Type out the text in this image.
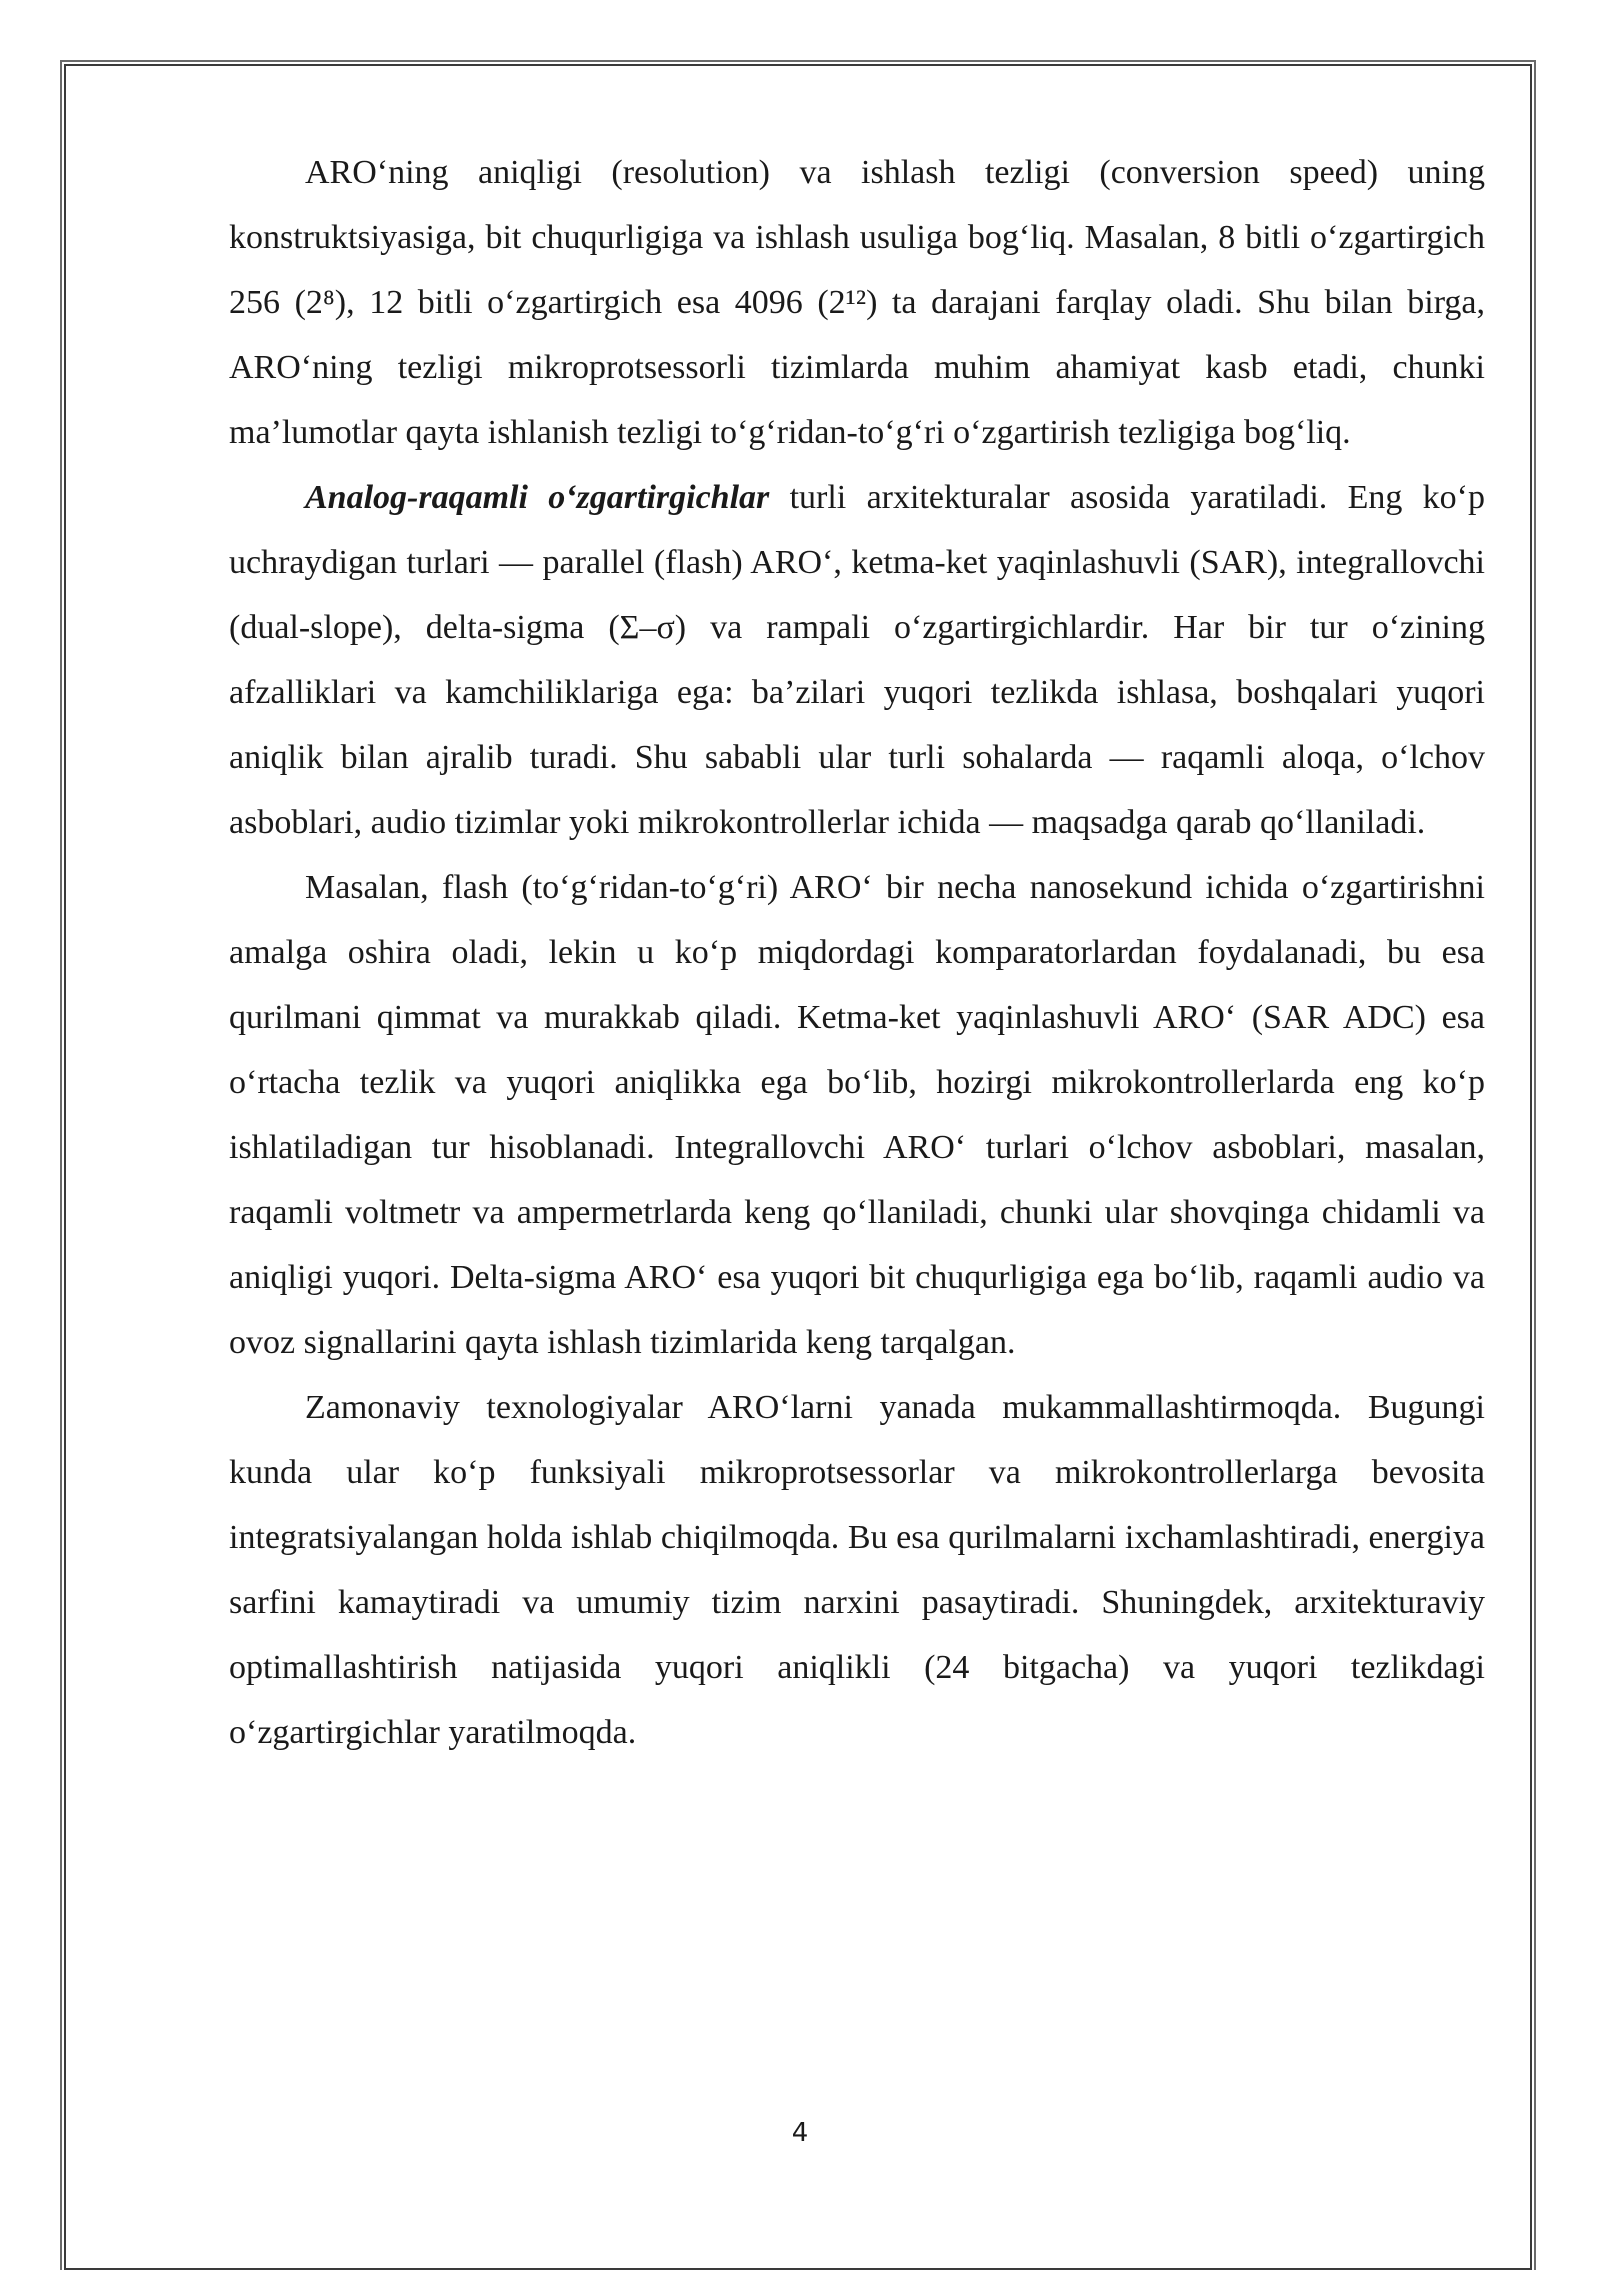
ARO‘ning aniqligi (resolution) va ishlash tezligi (conversion speed) uning konstruktsiyasiga, bit chuqurligiga va ishlash usuliga bog‘liq. Masalan, 8 bitli o‘zgartirgich 256 (2⁸), 12 bitli o‘zgartirgich esa 4096 (2¹²) ta darajani farqlay oladi. Shu bilan birga, ARO‘ning tezligi mikroprotsessorli tizimlarda muhim ahamiyat kasb etadi, chunki ma’lumotlar qayta ishlanish tezligi to‘g‘ridan-to‘g‘ri o‘zgartirish tezligiga bog‘liq.

Analog-raqamli o‘zgartirgichlar turli arxitekturalar asosida yaratiladi. Eng ko‘p uchraydigan turlari — parallel (flash) ARO‘, ketma-ket yaqinlashuvli (SAR), integrallovchi (dual-slope), delta-sigma (Σ–σ) va rampali o‘zgartirgichlardir. Har bir tur o‘zining afzalliklari va kamchiliklariga ega: ba’zilari yuqori tezlikda ishlasa, boshqalari yuqori aniqlik bilan ajralib turadi. Shu sababli ular turli sohalarda — raqamli aloqa, o‘lchov asboblari, audio tizimlar yoki mikrokontrollerlar ichida — maqsadga qarab qo‘llaniladi.

Masalan, flash (to‘g‘ridan-to‘g‘ri) ARO‘ bir necha nanosekund ichida o‘zgartirishni amalga oshira oladi, lekin u ko‘p miqdordagi komparatorlardan foydalanadi, bu esa qurilmani qimmat va murakkab qiladi. Ketma-ket yaqinlashuvli ARO‘ (SAR ADC) esa o‘rtacha tezlik va yuqori aniqlikka ega bo‘lib, hozirgi mikrokontrollerlarda eng ko‘p ishlatiladigan tur hisoblanadi. Integrallovchi ARO‘ turlari o‘lchov asboblari, masalan, raqamli voltmetr va ampermetrlarda keng qo‘llaniladi, chunki ular shovqinga chidamli va aniqligi yuqori. Delta-sigma ARO‘ esa yuqori bit chuqurligiga ega bo‘lib, raqamli audio va ovoz signallarini qayta ishlash tizimlarida keng tarqalgan.

Zamonaviy texnologiyalar ARO‘larni yanada mukammallashtirmoqda. Bugungi kunda ular ko‘p funksiyali mikroprotsessorlar va mikrokontrollerlarga bevosita integratsiyalangan holda ishlab chiqilmoqda. Bu esa qurilmalarni ixchamlashtiradi, energiya sarfini kamaytiradi va umumiy tizim narxini pasaytiradi. Shuningdek, arxitekturaviy optimallashtirish natijasida yuqori aniqlikli (24 bitgacha) va yuqori tezlikdagi o‘zgartirgichlar yaratilmoqda.

4
